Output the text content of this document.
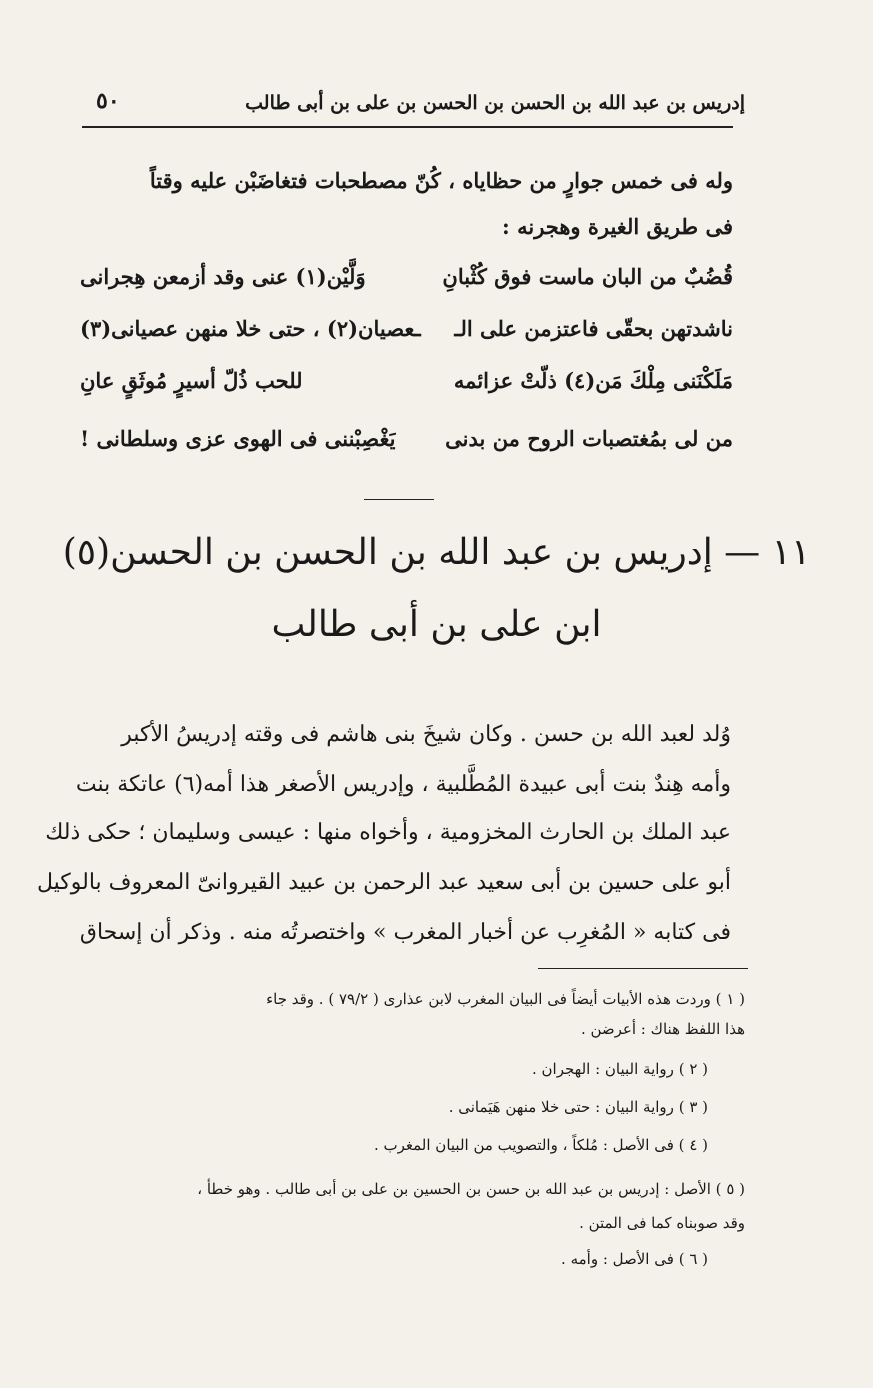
إدريس بن عبد الله بن الحسن بن الحسن بن على بن أبى طالب
٥٠
وله فى خمس جوارٍ من حظاياه ، كُنّ مصطحبات فتغاضَبْن عليه وقتاً
فى طريق الغيرة وهجرنه :
قُضُبٌ من البان ماست فوق كُثْبانِ
وَلَّيْن(١) عنى وقد أزمعن هِجرانى
ناشدتهن بحقّى فاعتزمن على الـ
ـعصيان(٢) ، حتى خلا منهن عصيانى(٣)
مَلَكْنَنى مِلْكَ مَن(٤) ذلّتْ عزائمه
للحب ذُلّ أسيرٍ مُوثَقٍ عانِ
من لى بمُغتصبات الروح من بدنى
يَغْصِبْننى فى الهوى عزى وسلطانى !
١١ — إدريس بن عبد الله بن الحسن بن الحسن(٥)
ابن على بن أبى طالب
وُلد لعبد الله بن حسن . وكان شيخَ بنى هاشم فى وقته إدريسُ الأكبر
وأمه هِندٌ بنت أبى عبيدة المُطَّلبية ، وإدريس الأصغر هذا أمه(٦) عاتكة بنت
عبد الملك بن الحارث المخزومية ، وأخواه منها : عيسى وسليمان ؛ حكى ذلك
أبو على حسين بن أبى سعيد عبد الرحمن بن عبيد القيروانىّ المعروف بالوكيل
فى كتابه « المُغرِب عن أخبار المغرب » واختصرتُه منه . وذكر أن إسحاق
( ١ ) وردت هذه الأبيات أيضاً فى البيان المغرب لابن عذارى ( ٧٩/٢ ) . وقد جاء
هذا اللفظ هناك : أعرضن .
( ٢ ) رواية البيان : الهجران .
( ٣ ) رواية البيان : حتى خلا منهن هَيَمانى .
( ٤ ) فى الأصل : مُلكاً ، والتصويب من البيان المغرب .
( ٥ ) الأصل : إدريس بن عبد الله بن حسن بن الحسين بن على بن أبى طالب . وهو خطأ ،
وقد صوبناه كما فى المتن .
( ٦ ) فى الأصل : وأمه .
